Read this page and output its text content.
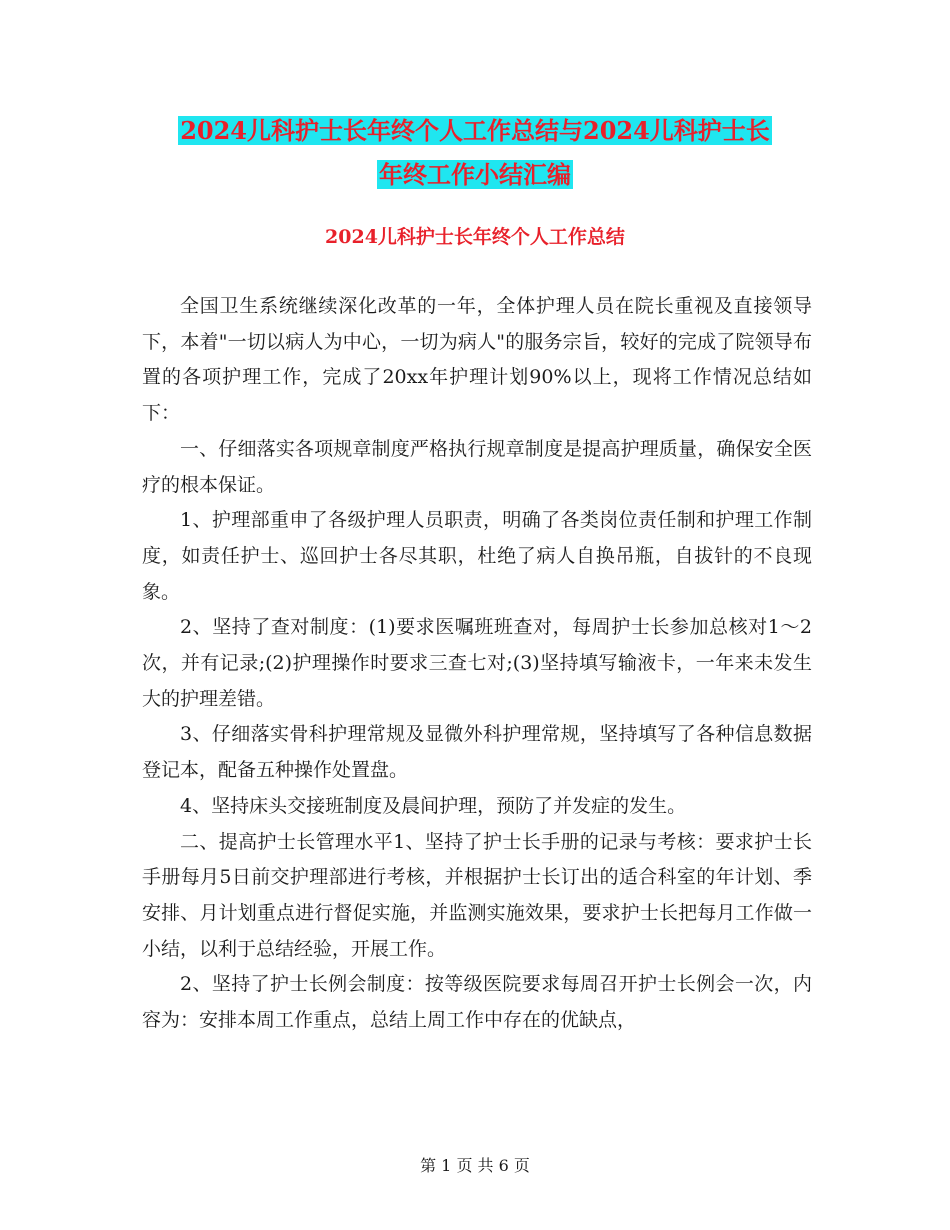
2024儿科护士长年终个人工作总结与2024儿科护士长
年终工作小结汇编
2024儿科护士长年终个人工作总结

全国卫生系统继续深化改革的一年，全体护理人员在院长重视及直接领导下，本着"一切以病人为中心，一切为病人"的服务宗旨，较好的完成了院领导布置的各项护理工作，完成了20xx年护理计划90%以上，现将工作情况总结如下：

一、仔细落实各项规章制度严格执行规章制度是提高护理质量，确保安全医疗的根本保证。

1、护理部重申了各级护理人员职责，明确了各类岗位责任制和护理工作制度，如责任护士、巡回护士各尽其职，杜绝了病人自换吊瓶，自拔针的不良现象。

2、坚持了查对制度：(1)要求医嘱班班查对，每周护士长参加总核对1～2次，并有记录;(2)护理操作时要求三查七对;(3)坚持填写输液卡，一年来未发生大的护理差错。

3、仔细落实骨科护理常规及显微外科护理常规，坚持填写了各种信息数据登记本，配备五种操作处置盘。

4、坚持床头交接班制度及晨间护理，预防了并发症的发生。

二、提高护士长管理水平1、坚持了护士长手册的记录与考核：要求护士长手册每月5日前交护理部进行考核，并根据护士长订出的适合科室的年计划、季安排、月计划重点进行督促实施，并监测实施效果，要求护士长把每月工作做一小结，以利于总结经验，开展工作。

2、坚持了护士长例会制度：按等级医院要求每周召开护士长例会一次，内容为：安排本周工作重点，总结上周工作中存在的优缺点，

第 1 页 共 6 页
